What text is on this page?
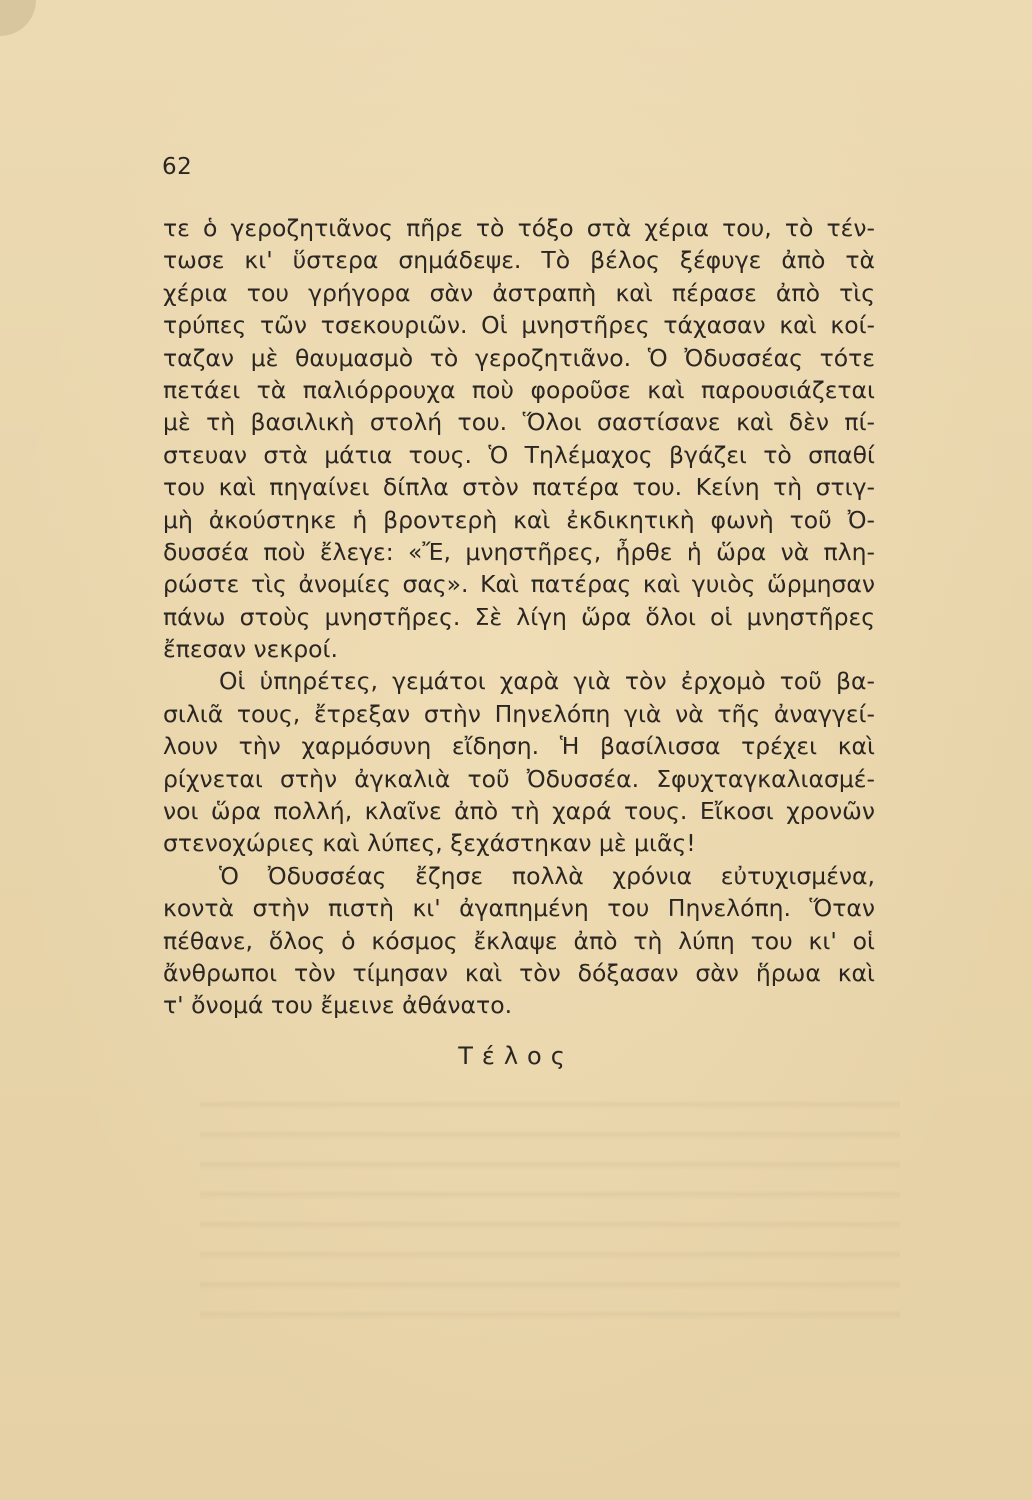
62
τε ὁ γεροζητιᾶνος πῆρε τὸ τόξο στὰ χέρια του, τὸ τέν-
τωσε κι' ὕστερα σημάδεψε. Τὸ βέλος ξέφυγε ἀπὸ τὰ
χέρια του γρήγορα σὰν ἀστραπὴ καὶ πέρασε ἀπὸ τὶς
τρύπες τῶν τσεκουριῶν. Οἱ μνηστῆρες τάχασαν καὶ κοί-
ταζαν μὲ θαυμασμὸ τὸ γεροζητιᾶνο. Ὁ Ὀδυσσέας τότε
πετάει τὰ παλιόρρουχα ποὺ φοροῦσε καὶ παρουσιάζεται
μὲ τὴ βασιλικὴ στολή του. Ὅλοι σαστίσανε καὶ δὲν πί-
στευαν στὰ μάτια τους. Ὁ Τηλέμαχος βγάζει τὸ σπαθί
του καὶ πηγαίνει δίπλα στὸν πατέρα του. Κείνη τὴ στιγ-
μὴ ἀκούστηκε ἡ βροντερὴ καὶ ἐκδικητικὴ φωνὴ τοῦ Ὀ-
δυσσέα ποὺ ἔλεγε: «Ἔ, μνηστῆρες, ἦρθε ἡ ὥρα νὰ πλη-
ρώστε τὶς ἀνομίες σας». Καὶ πατέρας καὶ γυιὸς ὥρμησαν
πάνω στοὺς μνηστῆρες. Σὲ λίγη ὥρα ὅλοι οἱ μνηστῆρες
ἔπεσαν νεκροί.
Οἱ ὑπηρέτες, γεμάτοι χαρὰ γιὰ τὸν ἐρχομὸ τοῦ βα-
σιλιᾶ τους, ἔτρεξαν στὴν Πηνελόπη γιὰ νὰ τῆς ἀναγγεί-
λουν τὴν χαρμόσυνη εἴδηση. Ἡ βασίλισσα τρέχει καὶ
ρίχνεται στὴν ἀγκαλιὰ τοῦ Ὀδυσσέα. Σφυχταγκαλιασμέ-
νοι ὥρα πολλή, κλαῖνε ἀπὸ τὴ χαρά τους. Εἴκοσι χρονῶν
στενοχώριες καὶ λύπες, ξεχάστηκαν μὲ μιᾶς!
Ὁ Ὀδυσσέας ἔζησε πολλὰ χρόνια εὐτυχισμένα,
κοντὰ στὴν πιστὴ κι' ἀγαπημένη του Πηνελόπη. Ὅταν
πέθανε, ὅλος ὁ κόσμος ἔκλαψε ἀπὸ τὴ λύπη του κι' οἱ
ἄνθρωποι τὸν τίμησαν καὶ τὸν δόξασαν σὰν ἥρωα καὶ
τ' ὄνομά του ἔμεινε ἀθάνατο.
Τέλος
